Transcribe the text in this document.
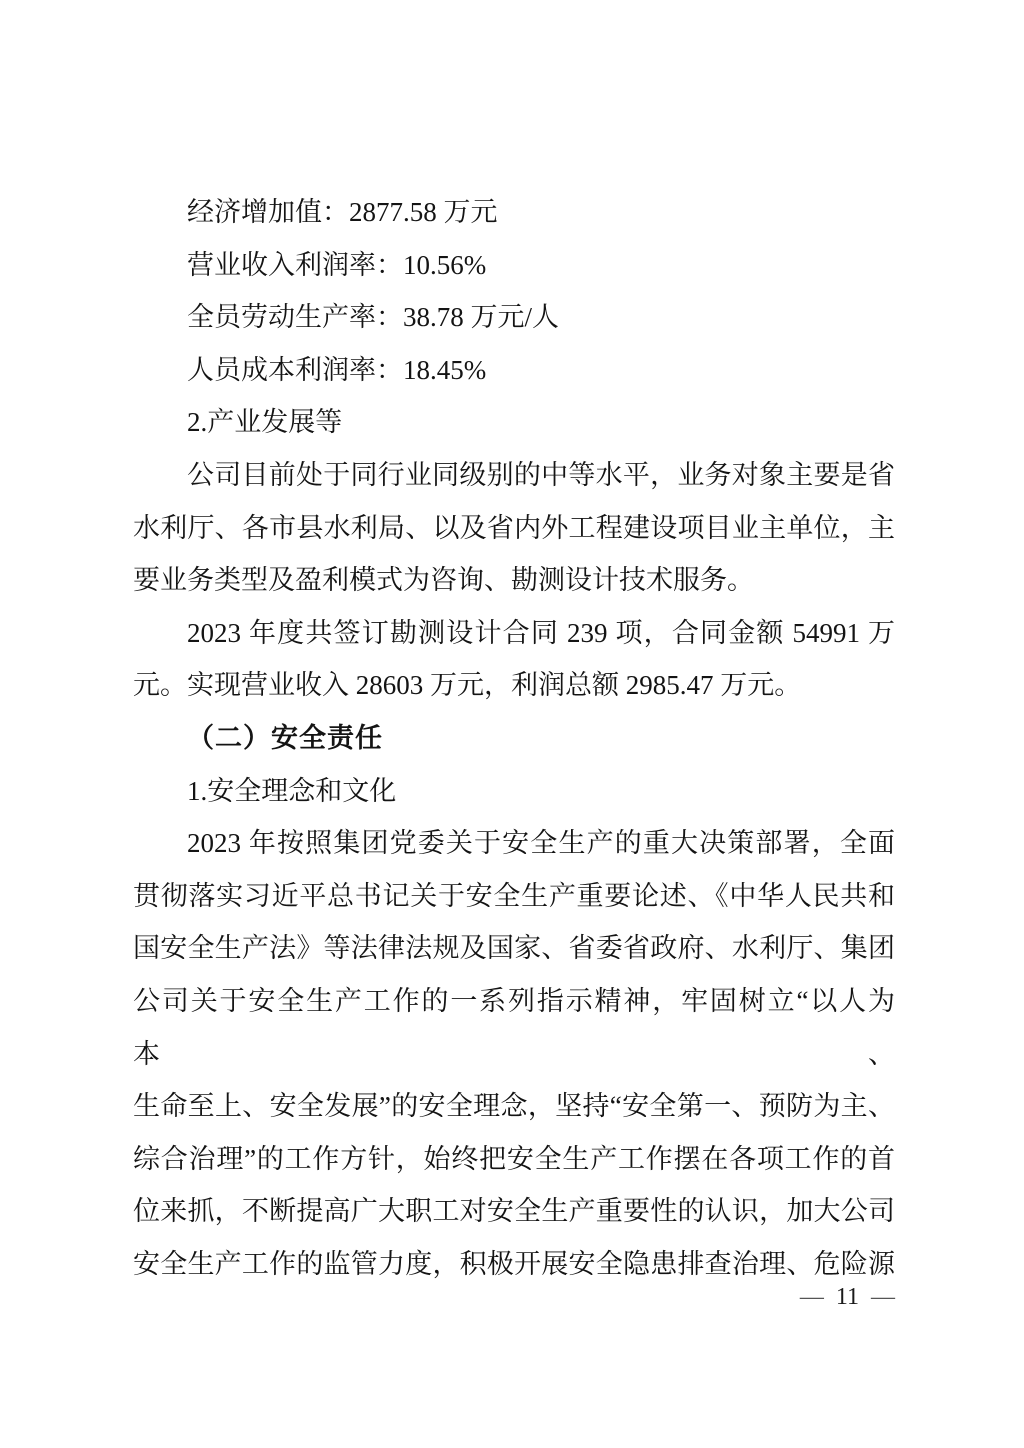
经济增加值：2877.58 万元
营业收入利润率：10.56%
全员劳动生产率：38.78 万元/人
人员成本利润率：18.45%
2.产业发展等
公司目前处于同行业同级别的中等水平，业务对象主要是省
水利厅、各市县水利局、以及省内外工程建设项目业主单位，主
要业务类型及盈利模式为咨询、勘测设计技术服务。
2023 年度共签订勘测设计合同 239 项，合同金额 54991 万
元。实现营业收入 28603 万元，利润总额 2985.47 万元。
（二）安全责任
1.安全理念和文化
2023 年按照集团党委关于安全生产的重大决策部署，全面
贯彻落实习近平总书记关于安全生产重要论述、《中华人民共和
国安全生产法》等法律法规及国家、省委省政府、水利厅、集团
公司关于安全生产工作的一系列指示精神，牢固树立“以人为本、
生命至上、安全发展”的安全理念，坚持“安全第一、预防为主、
综合治理”的工作方针，始终把安全生产工作摆在各项工作的首
位来抓，不断提高广大职工对安全生产重要性的认识，加大公司
安全生产工作的监管力度，积极开展安全隐患排查治理、危险源
— 11 —
